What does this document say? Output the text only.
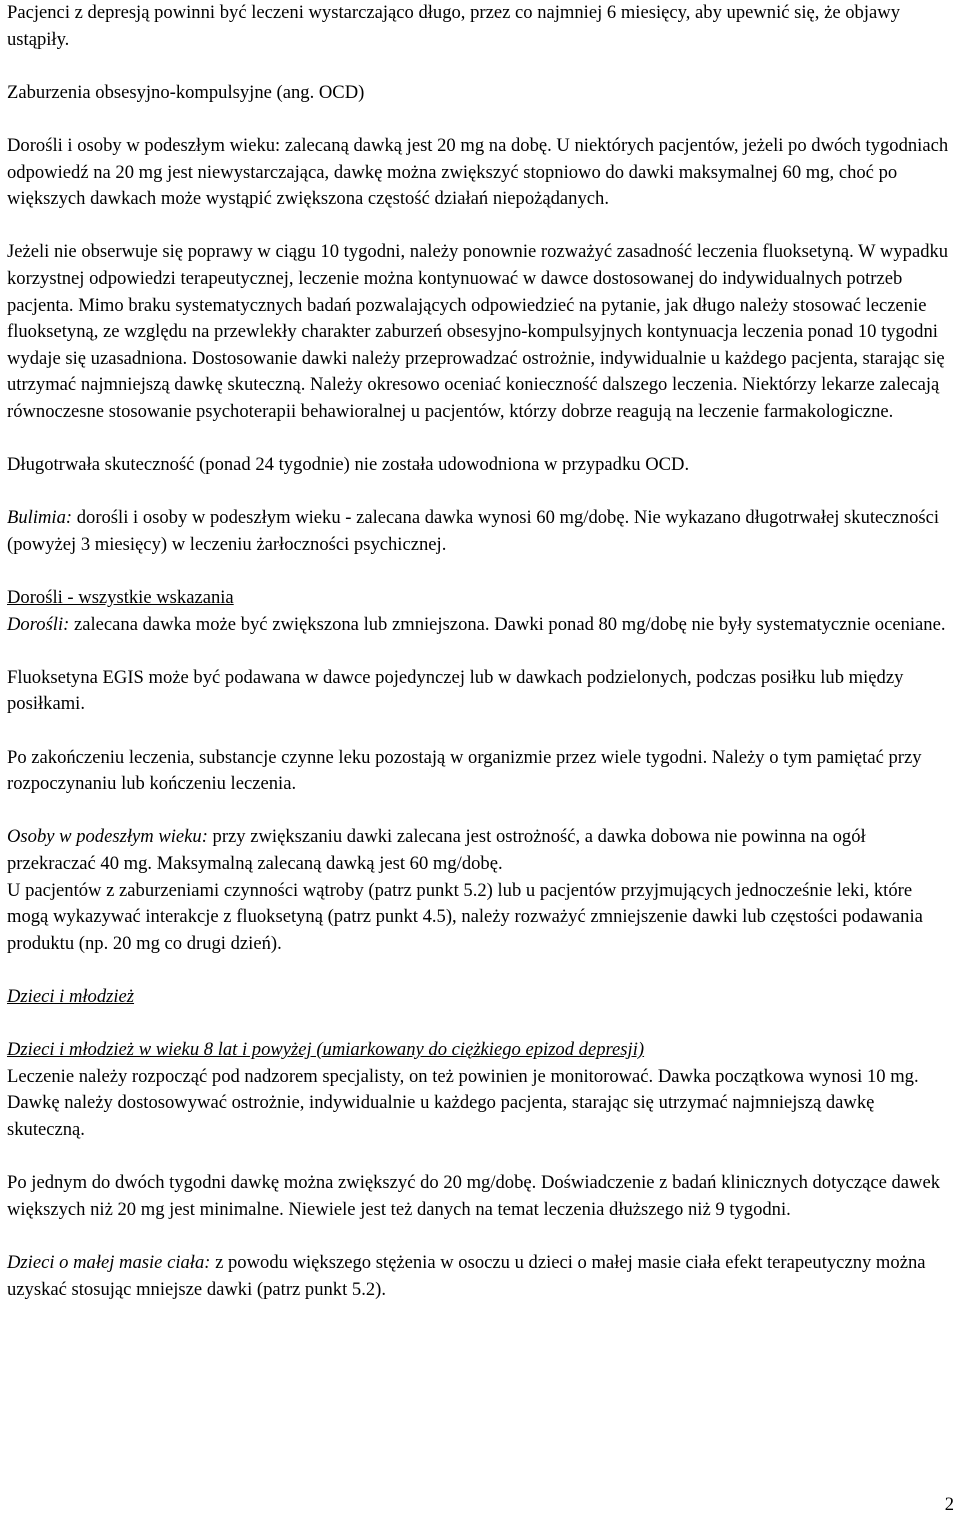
Pacjenci z depresją powinni być leczeni wystarczająco długo, przez co najmniej 6 miesięcy, aby upewnić się, że objawy ustąpiły.

Zaburzenia obsesyjno-kompulsyjne (ang. OCD)

Dorośli i osoby w podeszłym wieku: zalecaną dawką jest 20 mg na dobę. U niektórych pacjentów, jeżeli po dwóch tygodniach odpowiedź na 20 mg jest niewystarczająca, dawkę można zwiększyć stopniowo do dawki maksymalnej 60 mg, choć po większych dawkach może wystąpić zwiększona częstość działań niepożądanych.

Jeżeli nie obserwuje się poprawy w ciągu 10 tygodni, należy ponownie rozważyć zasadność leczenia fluoksetyną. W wypadku korzystnej odpowiedzi terapeutycznej, leczenie można kontynuować w dawce dostosowanej do indywidualnych potrzeb pacjenta. Mimo braku systematycznych badań pozwalających odpowiedzieć na pytanie, jak długo należy stosować leczenie fluoksetyną, ze względu na przewlekły charakter zaburzeń obsesyjno-kompulsyjnych kontynuacja leczenia ponad 10 tygodni wydaje się uzasadniona. Dostosowanie dawki należy przeprowadzać ostrożnie, indywidualnie u każdego pacjenta, starając się utrzymać najmniejszą dawkę skuteczną. Należy okresowo oceniać konieczność dalszego leczenia. Niektórzy lekarze zalecają równoczesne stosowanie psychoterapii behawioralnej u pacjentów, którzy dobrze reagują na leczenie farmakologiczne.

Długotrwała skuteczność (ponad 24 tygodnie) nie została udowodniona w przypadku OCD.

Bulimia: dorośli i osoby w podeszłym wieku - zalecana dawka wynosi 60 mg/dobę. Nie wykazano długotrwałej skuteczności (powyżej 3 miesięcy) w leczeniu żarłoczności psychicznej.

Dorośli - wszystkie wskazania

Dorośli: zalecana dawka może być zwiększona lub zmniejszona. Dawki ponad 80 mg/dobę nie były systematycznie oceniane.

Fluoksetyna EGIS może być podawana w dawce pojedynczej lub w dawkach podzielonych, podczas posiłku lub między posiłkami.

Po zakończeniu leczenia, substancje czynne leku pozostają w organizmie przez wiele tygodni. Należy o tym pamiętać przy rozpoczynaniu lub kończeniu leczenia.

Osoby w podeszłym wieku: przy zwiększaniu dawki zalecana jest ostrożność, a dawka dobowa nie powinna na ogół przekraczać 40 mg. Maksymalną zalecaną dawką jest 60 mg/dobę.

U pacjentów z zaburzeniami czynności wątroby (patrz punkt 5.2) lub u pacjentów przyjmujących jednocześnie leki, które mogą wykazywać interakcje z fluoksetyną (patrz punkt 4.5), należy rozważyć zmniejszenie dawki lub częstości podawania produktu (np. 20 mg co drugi dzień).

Dzieci i młodzież

Dzieci i młodzież w wieku 8 lat i powyżej (umiarkowany do ciężkiego epizod depresji)

Leczenie należy rozpocząć pod nadzorem specjalisty, on też powinien je monitorować. Dawka początkowa wynosi 10 mg. Dawkę należy dostosowywać ostrożnie, indywidualnie u każdego pacjenta, starając się utrzymać najmniejszą dawkę skuteczną.

Po jednym do dwóch tygodni dawkę można zwiększyć do 20 mg/dobę. Doświadczenie z badań klinicznych dotyczące dawek większych niż 20 mg jest minimalne. Niewiele jest też danych na temat leczenia dłuższego niż 9 tygodni.

Dzieci o małej masie ciała: z powodu większego stężenia w osoczu u dzieci o małej masie ciała efekt terapeutyczny można uzyskać stosując mniejsze dawki (patrz punkt 5.2).

2
